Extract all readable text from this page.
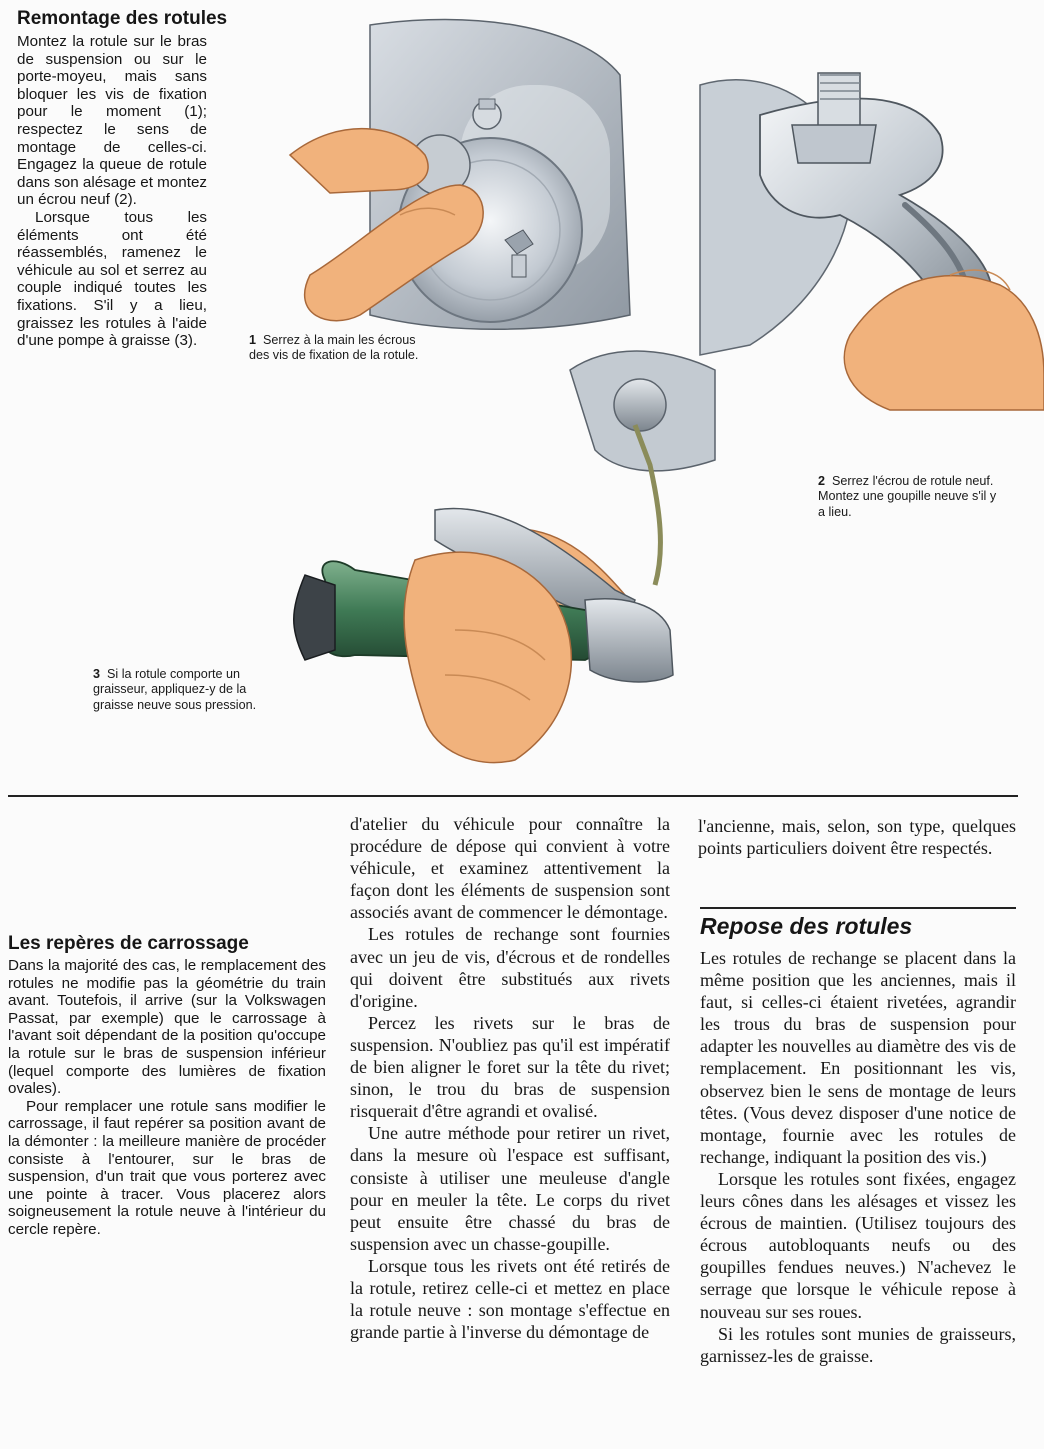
Remontage des rotules

Montez la rotule sur le bras de suspension ou sur le porte-moyeu, mais sans bloquer les vis de fixation pour le moment (1); respectez le sens de montage de celles-ci. Engagez la queue de rotule dans son alésage et montez un écrou neuf (2).

Lorsque tous les éléments ont été réassemblés, ramenez le véhicule au sol et serrez au couple indiqué toutes les fixations. S'il y a lieu, graissez les rotules à l'aide d'une pompe à graisse (3).	1 Serrez à la main les écrous des vis de fixation de la rotule.
2 Serrez l'écrou de rotule neuf. Montez une goupille neuve s'il y a lieu.
3 Si la rotule comporte un graisseur, appliquez-y de la graisse neuve sous pression.
Les repères de carrossage

Dans la majorité des cas, le remplacement des rotules ne modifie pas la géométrie du train avant. Toutefois, il arrive (sur la Volkswagen Passat, par exemple) que le carrossage à l'avant soit dépendant de la position qu'occupe la rotule sur le bras de suspension inférieur (lequel comporte des lumières de fixation ovales).

Pour remplacer une rotule sans modifier le carrossage, il faut repérer sa position avant de la démonter : la meilleure manière de procéder consiste à l'entourer, sur le bras de suspension, d'un trait que vous porterez avec une pointe à tracer. Vous placerez alors soigneusement la rotule neuve à l'intérieur du cercle repère.

d'atelier du véhicule pour connaître la procédure de dépose qui convient à votre véhicule, et examinez attentivement la façon dont les éléments de suspension sont associés avant de commencer le démontage.

Les rotules de rechange sont fournies avec un jeu de vis, d'écrous et de rondelles qui doivent être substitués aux rivets d'origine.

Percez les rivets sur le bras de suspension. N'oubliez pas qu'il est impératif de bien aligner le foret sur la tête du rivet; sinon, le trou du bras de suspension risquerait d'être agrandi et ovalisé.

Une autre méthode pour retirer un rivet, dans la mesure où l'espace est suffisant, consiste à utiliser une meuleuse d'angle pour en meuler la tête. Le corps du rivet peut ensuite être chassé du bras de suspension avec un chasse-goupille.

Lorsque tous les rivets ont été retirés de la rotule, retirez celle-ci et mettez en place la rotule neuve : son montage s'effectue en grande partie à l'inverse du démontage de

l'ancienne, mais, selon, son type, quelques points particuliers doivent être respectés.

Repose des rotules

Les rotules de rechange se placent dans la même position que les anciennes, mais il faut, si celles-ci étaient rivetées, agrandir les trous du bras de suspension pour adapter les nouvelles au diamètre des vis de remplacement. En positionnant les vis, observez bien le sens de montage de leurs têtes. (Vous devez disposer d'une notice de montage, fournie avec les rotules de rechange, indiquant la position des vis.)

Lorsque les rotules sont fixées, engagez leurs cônes dans les alésages et vissez les écrous de maintien. (Utilisez toujours des écrous autobloquants neufs ou des goupilles fendues neuves.) N'achevez le serrage que lorsque le véhicule repose à nouveau sur ses roues.

Si les rotules sont munies de graisseurs, garnissez-les de graisse.
